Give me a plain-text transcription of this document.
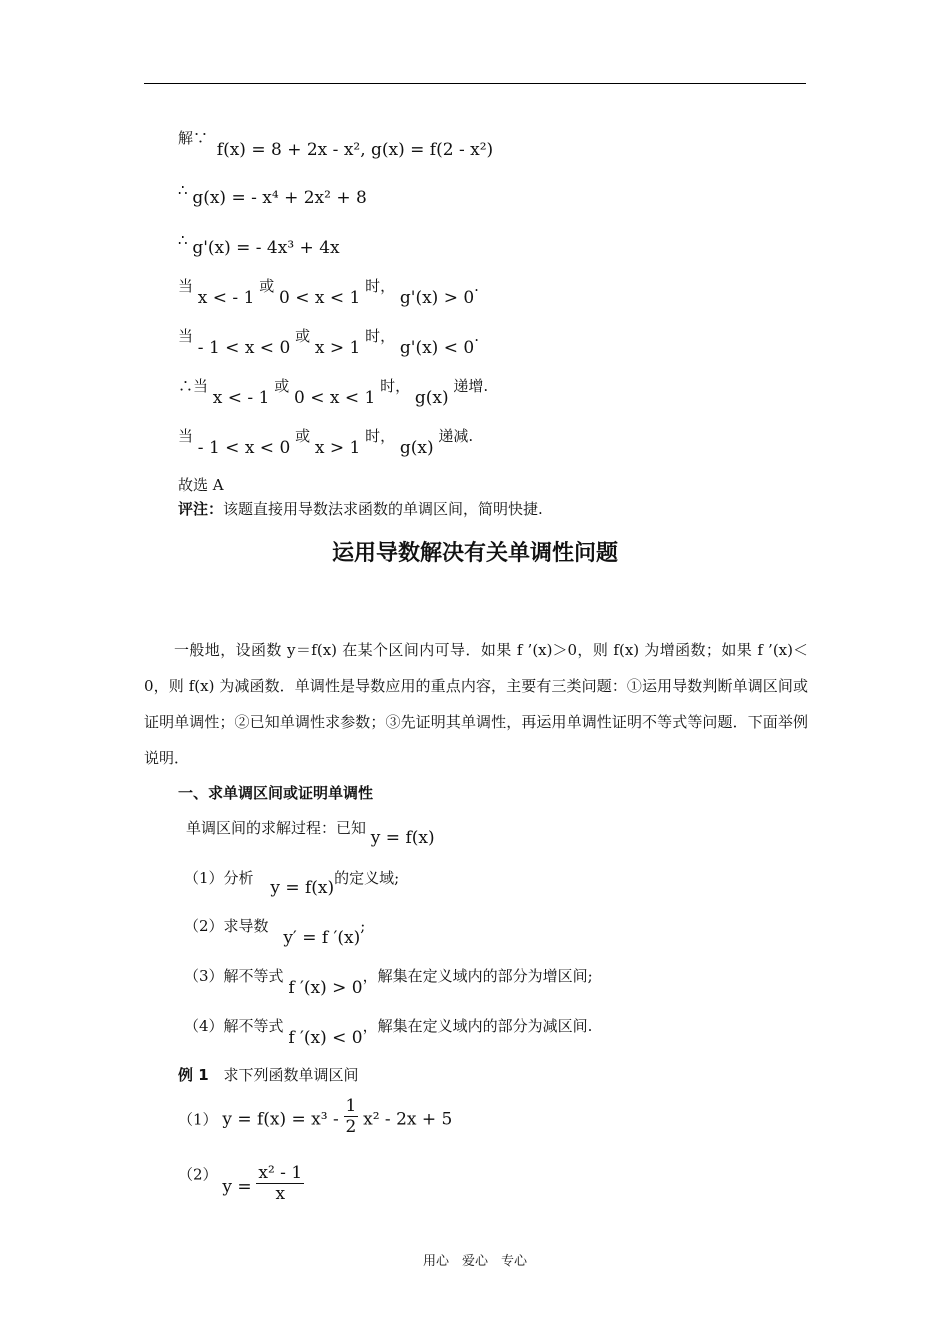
解∵ f(x) = 8 + 2x - x², g(x) = f(2 - x²)
∴ g(x) = - x⁴ + 2x² + 8
∴ g'(x) = - 4x³ + 4x
当 x < - 1 或 0 < x < 1 时， g'(x) > 0.
当 - 1 < x < 0 或 x > 1 时， g'(x) < 0.
∴当 x < - 1 或 0 < x < 1 时， g(x) 递增.
当 - 1 < x < 0 或 x > 1 时， g(x) 递减.
故选 A
评注：该题直接用导数法求函数的单调区间，简明快捷.
运用导数解决有关单调性问题
一般地，设函数 y＝f(x) 在某个区间内可导．如果 f ’(x)＞0，则 f(x) 为增函数；如果 f ’(x)＜0，则 f(x) 为减函数．单调性是导数应用的重点内容，主要有三类问题：①运用导数判断单调区间或证明单调性；②已知单调性求参数；③先证明其单调性，再运用单调性证明不等式等问题．下面举例说明．
一、求单调区间或证明单调性
单调区间的求解过程：已知 y = f(x)
（1）分析 y = f(x)的定义域;
（2）求导数 y′ = f ′(x);
（3）解不等式 f ′(x) > 0，解集在定义域内的部分为增区间;
（4）解不等式 f ′(x) < 0，解集在定义域内的部分为减区间.
例 1 求下列函数单调区间
（1） $y = f(x) = x^3 - \frac{1}{2} x^2 - 2x + 5$
（2） $y = \frac{\text{x² - 1}}{x}$
用心　爱心　专心
